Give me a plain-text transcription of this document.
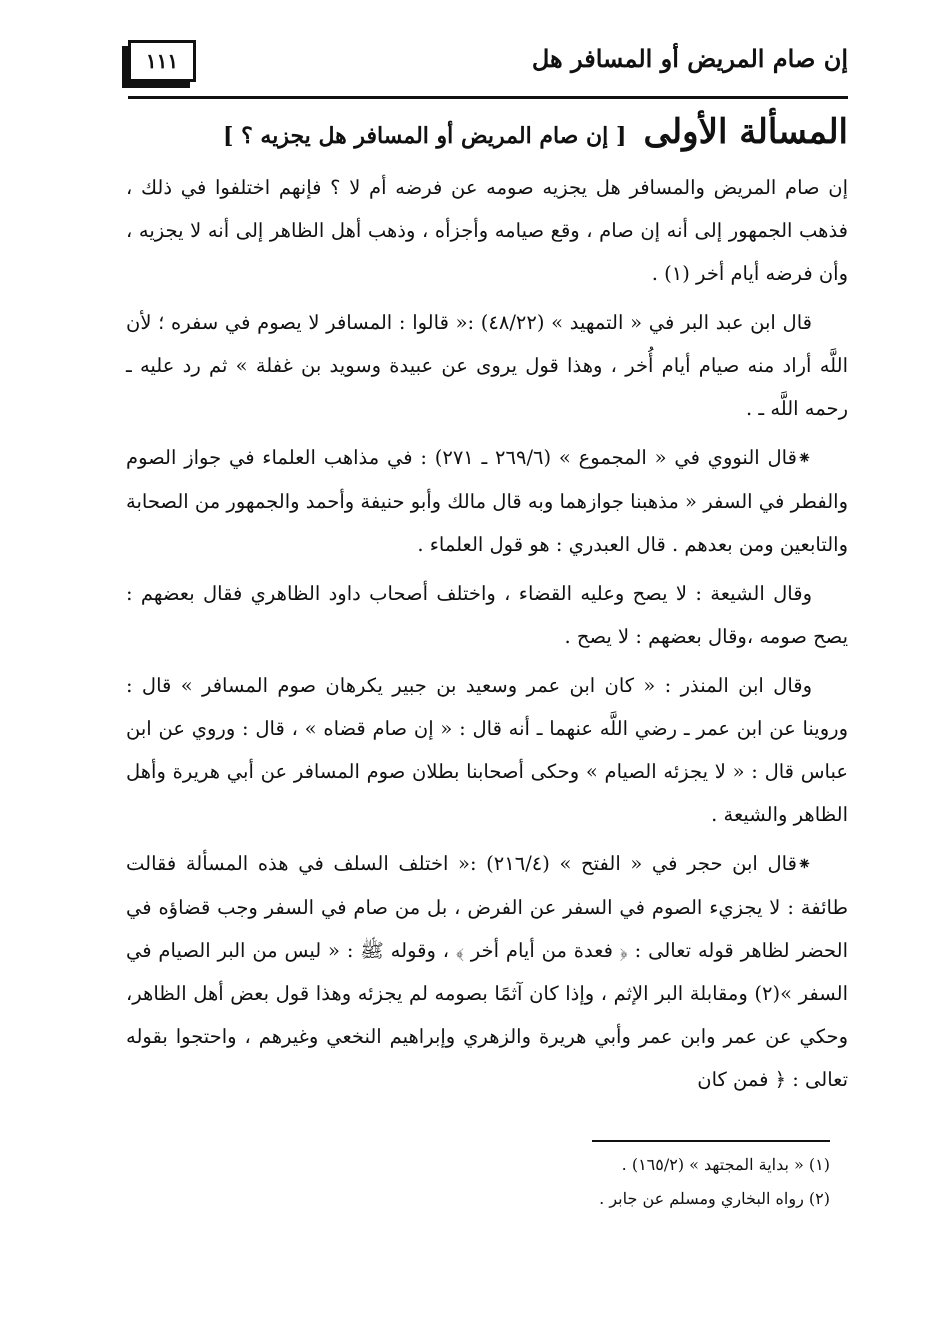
١١١	إن صام المريض أو المسافر هل
المسألة الأولى [ إن صام المريض أو المسافر هل يجزيه ؟ ]

إن صام المريض والمسافر هل يجزيه صومه عن فرضه أم لا ؟ فإنهم اختلفوا في ذلك ، فذهب الجمهور إلى أنه إن صام ، وقع صيامه وأجزأه ، وذهب أهل الظاهر إلى أنه لا يجزيه ، وأن فرضه أيام أخر (١) .

قال ابن عبد البر في « التمهيد » (٤٨/٢٢) :« قالوا : المسافر لا يصوم في سفره ؛ لأن اللَّه أراد منه صيام أيام أُخر ، وهذا قول يروى عن عبيدة وسويد بن غفلة » ثم رد عليه ـ رحمه اللَّه ـ .

⁕قال النووي في « المجموع » (٢٦٩/٦ ـ ٢٧١) : في مذاهب العلماء في جواز الصوم والفطر في السفر « مذهبنا جوازهما وبه قال مالك وأبو حنيفة وأحمد والجمهور من الصحابة والتابعين ومن بعدهم . قال العبدري : هو قول العلماء .

وقال الشيعة : لا يصح وعليه القضاء ، واختلف أصحاب داود الظاهري فقال بعضهم : يصح صومه ،وقال بعضهم : لا يصح .

وقال ابن المنذر : « كان ابن عمر وسعيد بن جبير يكرهان صوم المسافر » قال : وروينا عن ابن عمر ـ رضي اللَّه عنهما ـ أنه قال : « إن صام قضاه » ، قال : وروي عن ابن عباس قال : « لا يجزئه الصيام » وحكى أصحابنا بطلان صوم المسافر عن أبي هريرة وأهل الظاهر والشيعة .

⁕قال ابن حجر في « الفتح » (٢١٦/٤) :« اختلف السلف في هذه المسألة فقالت طائفة : لا يجزيء الصوم في السفر عن الفرض ، بل من صام في السفر وجب قضاؤه في الحضر لظاهر قوله تعالى : ﴿ فعدة من أيام أخر ﴾ ، وقوله ﷺ : « ليس من البر الصيام في السفر »(٢) ومقابلة البر الإثم ، وإذا كان آثمًا بصومه لم يجزئه وهذا قول بعض أهل الظاهر، وحكي عن عمر وابن عمر وأبي هريرة والزهري وإبراهيم النخعي وغيرهم ، واحتجوا بقوله تعالى : ﴿ فمن كان

(١) « بداية المجتهد » (١٦٥/٢) .

(٢) رواه البخاري ومسلم عن جابر .
